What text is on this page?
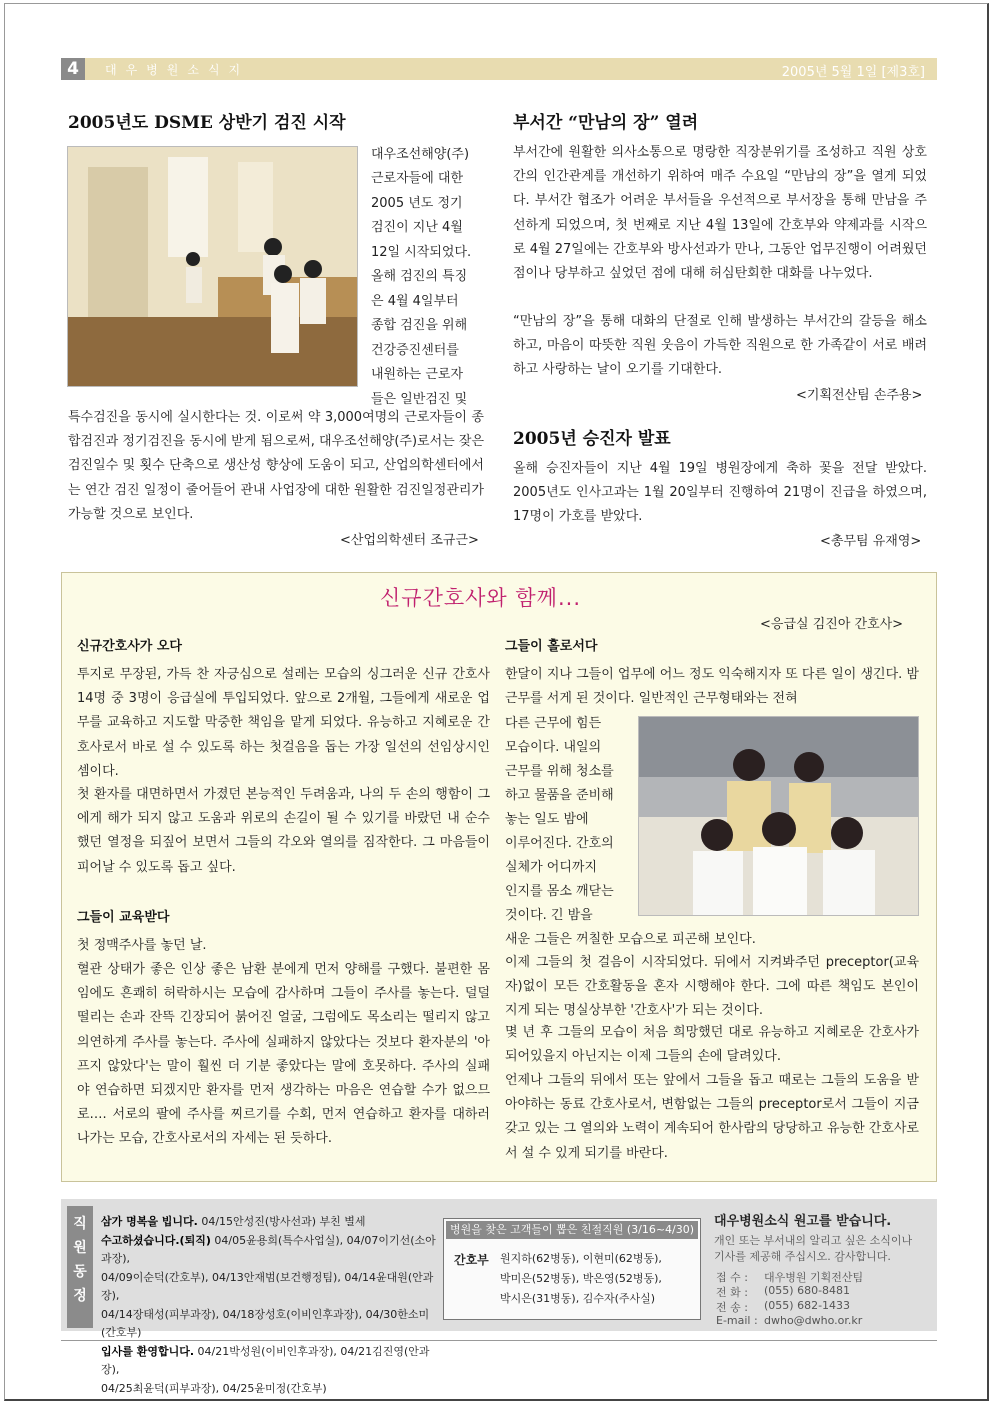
4	대우병원소식지	2005년 5월 1일 [제3호]
2005년도 DSME 상반기 검진 시작
대우조선해양(주)
근로자들에 대한
2005 년도 정기
검진이 지난 4월
12일 시작되었다.
올해 검진의 특징
은 4월 4일부터
종합 검진을 위해
건강증진센터를
내원하는 근로자
들은 일반검진 및
특수검진을 동시에 실시한다는 것. 이로써 약 3,000여명의 근로자들이 종합검진과 정기검진을 동시에 받게 됨으로써, 대우조선해양(주)로서는 잦은 검진일수 및 횟수 단축으로 생산성 향상에 도움이 되고, 산업의학센터에서는 연간 검진 일정이 줄어들어 관내 사업장에 대한 원활한 검진일정관리가 가능할 것으로 보인다.
<산업의학센터 조규근>
부서간 “만남의 장” 열려
부서간에 원활한 의사소통으로 명랑한 직장분위기를 조성하고 직원 상호간의 인간관계를 개선하기 위하여 매주 수요일 “만남의 장”을 열게 되었다. 부서간 협조가 어려운 부서들을 우선적으로 부서장을 통해 만남을 주선하게 되었으며, 첫 번째로 지난 4월 13일에 간호부와 약제과를 시작으로 4월 27일에는 간호부와 방사선과가 만나, 그동안 업무진행이 어려웠던 점이나 당부하고 싶었던 점에 대해 허심탄회한 대화를 나누었다.
“만남의 장”을 통해 대화의 단절로 인해 발생하는 부서간의 갈등을 해소하고, 마음이 따뜻한 직원 웃음이 가득한 직원으로 한 가족같이 서로 배려하고 사랑하는 날이 오기를 기대한다.
<기획전산팀 손주용>
2005년 승진자 발표
올해 승진자들이 지난 4월 19일 병원장에게 축하 꽃을 전달 받았다. 2005년도 인사고과는 1월 20일부터 진행하여 21명이 진급을 하였으며, 17명이 가호를 받았다.
<총무팀 유재영>
신규간호사와 함께...
<응급실 김진아 간호사>
신규간호사가 오다
투지로 무장된, 가득 찬 자긍심으로 설레는 모습의 싱그러운 신규 간호사 14명 중 3명이 응급실에 투입되었다. 앞으로 2개월, 그들에게 새로운 업무를 교육하고 지도할 막중한 책임을 맡게 되었다. 유능하고 지혜로운 간호사로서 바로 설 수 있도록 하는 첫걸음을 돕는 가장 일선의 선임상시인 셈이다.
첫 환자를 대면하면서 가졌던 본능적인 두려움과, 나의 두 손의 행함이 그에게 해가 되지 않고 도움과 위로의 손길이 될 수 있기를 바랐던 내 순수했던 열정을 되짚어 보면서 그들의 각오와 열의를 짐작한다. 그 마음들이 피어날 수 있도록 돕고 싶다.
그들이 교육받다
첫 정맥주사를 놓던 날.
혈관 상태가 좋은 인상 좋은 남환 분에게 먼저 양해를 구했다. 불편한 몸임에도 흔쾌히 허락하시는 모습에 감사하며 그들이 주사를 놓는다. 덜덜 떨리는 손과 잔뜩 긴장되어 붉어진 얼굴, 그럼에도 목소리는 떨리지 않고 의연하게 주사를 놓는다. 주사에 실패하지 않았다는 것보다 환자분의 '아프지 않았다'는 말이 훨씬 더 기분 좋았다는 말에 호못하다. 주사의 실패야 연습하면 되겠지만 환자를 먼저 생각하는 마음은 연습할 수가 없으므로…. 서로의 팔에 주사를 찌르기를 수회, 먼저 연습하고 환자를 대하러 나가는 모습, 간호사로서의 자세는 된 듯하다.
그들이 홀로서다
한달이 지나 그들이 업무에 어느 정도 익숙해지자 또 다른 일이 생긴다. 밤근무를 서게 된 것이다. 일반적인 근무형태와는 전혀
다른 근무에 힘든
모습이다. 내일의
근무를 위해 청소를
하고 물품을 준비해
놓는 일도 밤에
이루어진다. 간호의
실체가 어디까지
인지를 몸소 깨닫는
것이다. 긴 밤을
새운 그들은 꺼칠한 모습으로 피곤해 보인다.
이제 그들의 첫 걸음이 시작되었다. 뒤에서 지켜봐주던 preceptor(교육자)없이 모든 간호활동을 혼자 시행해야 한다. 그에 따른 책임도 본인이 지게 되는 명실상부한 '간호사'가 되는 것이다.
몇 년 후 그들의 모습이 처음 희망했던 대로 유능하고 지혜로운 간호사가 되어있을지 아닌지는 이제 그들의 손에 달려있다.
언제나 그들의 뒤에서 또는 앞에서 그들을 돕고 때로는 그들의 도움을 받아야하는 동료 간호사로서, 변함없는 그들의 preceptor로서 그들이 지금 갖고 있는 그 열의와 노력이 계속되어 한사람의 당당하고 유능한 간호사로서 설 수 있게 되기를 바란다.
직
원
동
정
삼가 명복을 빕니다. 04/15안성진(방사선과) 부친 별세
수고하셨습니다.(퇴직) 04/05윤용희(특수사업실), 04/07이기선(소아과장),
04/09이순덕(간호부), 04/13안재범(보건행정팀), 04/14윤대원(안과장),
04/14장태성(피부과장), 04/18장성호(이비인후과장), 04/30한소미(간호부)
입사를 환영합니다. 04/21박성원(이비인후과장), 04/21김진영(안과장),
04/25최윤덕(피부과장), 04/25윤미정(간호부)
병원을 찾은 고객들이 뽑은 친절직원 (3/16~4/30)
간호부 원지하(62병동), 이현미(62병동),
박미은(52병동), 박은영(52병동),
박시은(31병동), 김수자(주사실)
대우병원소식 원고를 받습니다.
개인 또는 부서내의 알리고 싶은 소식이나
기사를 제공해 주십시오. 감사합니다.
접 수 : 대우병원 기획전산팀
전 화 : (055) 680-8481
전 송 : (055) 682-1433
E-mail : dwho@dwho.or.kr
